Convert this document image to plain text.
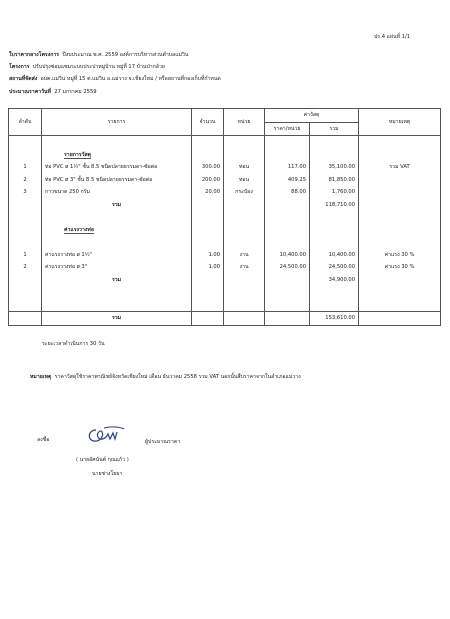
ปร.4 แผ่นที่ 1/1
ใบราคากลางโครงการ ปีงบประมาณ พ.ศ. 2559 องค์การบริหารส่วนตำบลแม่วิน
โครงการ ปรับปรุงซ่อมแซมระบบประปาหมู่บ้าน หมู่ที่ 17 บ้านป่ากล้วย
สถานที่จัดส่ง อบต.แม่วิน หมู่ที่ 15 ต.แม่วิน อ.แม่วาง จ.เชียงใหม่ / หรือสถานที่กองเก็บที่กำหนด
ประมาณราคาวันที่ 27 มกราคม 2559
ลำดับ	รายการ	จำนวน	หน่วย	ค่าวัสดุ		หมายเหตุ
				ราคา/หน่วย	รวม	

	รายการวัสดุ					
1	ท่อ PVC ø 1½" ชั้น 8.5 ชนิดปลายธรรมดา-ซ้อต่อ	300.00	ท่อน	117.00	35,100.00	รวม VAT
2	ท่อ PVC ø 3" ชั้น 8.5 ชนิดปลายธรรมดา-ซ้อต่อ	200.00	ท่อน	409.25	81,850.00	
3	กาวขนาด 250 กรัม	20.00	กระป๋อง	88.00	1,760.00	
	รวม				118,710.00	

	ค่าแรงวางท่อ					

1	ค่าแรงวางท่อ ø 1½"	1.00	งาน	10,400.00	10,400.00	ค่าแรง 30 %
2	ค่าแรงวางท่อ ø 3"	1.00	งาน	24,500.00	24,500.00	ค่าแรง 30 %
	รวม				34,900.00	

	รวม				153,610.00	
ระยะเวลาดำเนินการ 30 วัน
หมายเหตุ ราคาวัสดุใช้ราคาพาณิชย์จังหวัดเชียงใหม่ เดือน ธันวาคม 2558 รวม VAT นอกนั้นสืบราคาจากในอำเภอแม่วาง
ลงชื่อ	ผู้ประมาณราคา
( นายอัศนันต์ กุณแก้ว )
นายช่างโยธา
